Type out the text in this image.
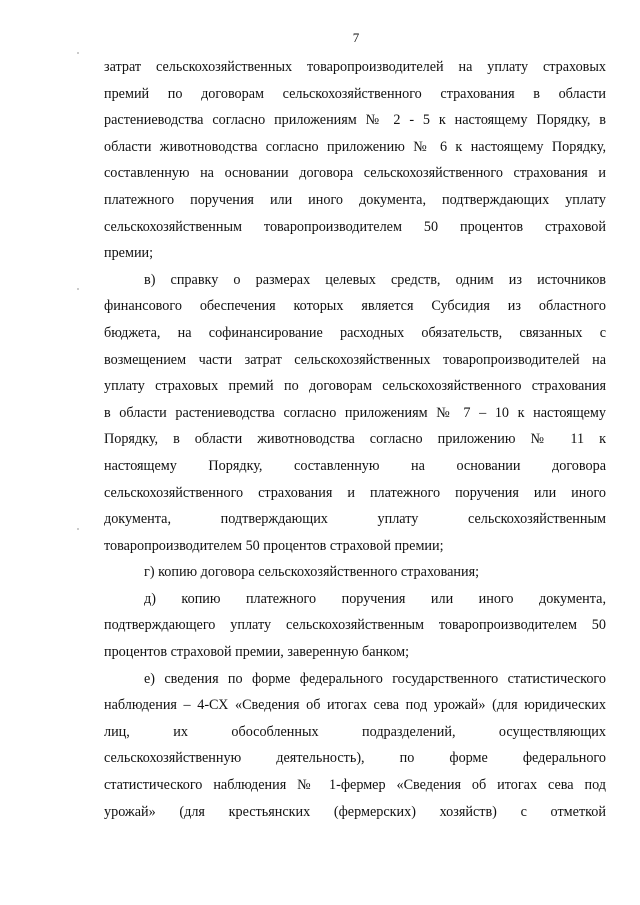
7
затрат сельскохозяйственных товаропроизводителей на уплату страховых
премий по договорам сельскохозяйственного страхования в области
растениеводства согласно приложениям № 2 - 5 к настоящему Порядку, в
области животноводства согласно приложению № 6 к настоящему Порядку,
составленную на основании договора сельскохозяйственного страхования и
платежного поручения или иного документа, подтверждающих уплату
сельскохозяйственным товаропроизводителем 50 процентов страховой
премии;
в) справку о размерах целевых средств, одним из источников
финансового обеспечения которых является Субсидия из областного
бюджета, на софинансирование расходных обязательств, связанных с
возмещением части затрат сельскохозяйственных товаропроизводителей на
уплату страховых премий по договорам сельскохозяйственного страхования
в области растениеводства согласно приложениям № 7 – 10 к настоящему
Порядку, в области животноводства согласно приложению № 11 к
настоящему Порядку, составленную на основании договора
сельскохозяйственного страхования и платежного поручения или иного
документа, подтверждающих уплату сельскохозяйственным
товаропроизводителем 50 процентов страховой премии;
г) копию договора сельскохозяйственного страхования;
д) копию платежного поручения или иного документа,
подтверждающего уплату сельскохозяйственным товаропроизводителем 50
процентов страховой премии, заверенную банком;
е) сведения по форме федерального государственного статистического
наблюдения – 4-СХ «Сведения об итогах сева под урожай» (для юридических
лиц, их обособленных подразделений, осуществляющих
сельскохозяйственную деятельность), по форме федерального
статистического наблюдения № 1-фермер «Сведения об итогах сева под
урожай» (для крестьянских (фермерских) хозяйств) с отметкой
